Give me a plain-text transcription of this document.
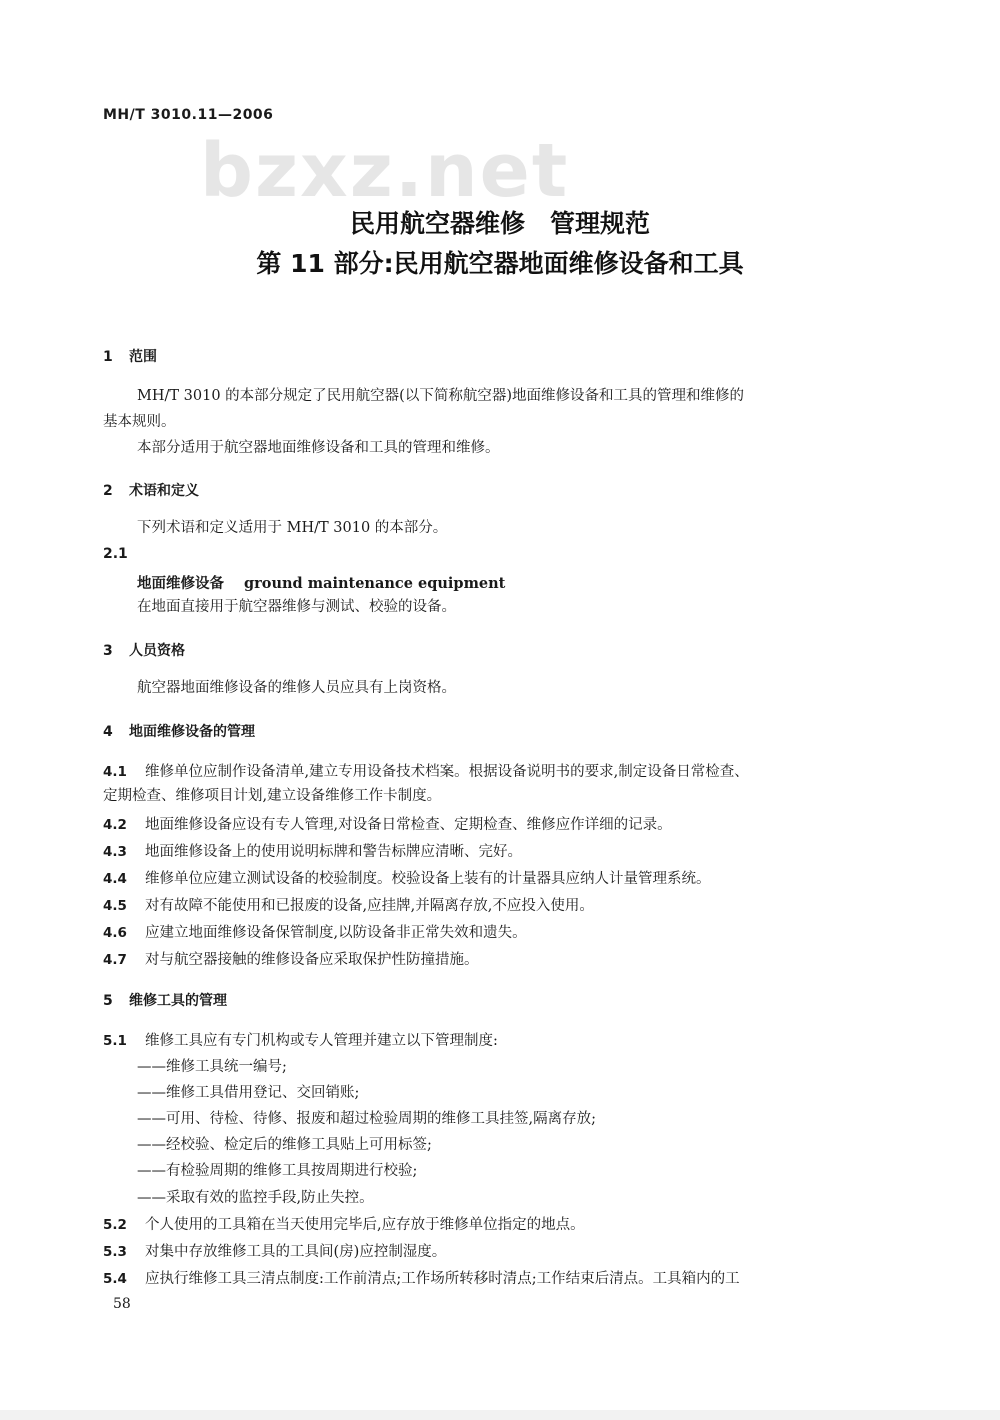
MH/T 3010.11—2006
bzxz.net
民用航空器维修　管理规范
第 11 部分:民用航空器地面维修设备和工具
1 范围
MH/T 3010 的本部分规定了民用航空器(以下简称航空器)地面维修设备和工具的管理和维修的
基本规则。
本部分适用于航空器地面维修设备和工具的管理和维修。
2 术语和定义
下列术语和定义适用于 MH/T 3010 的本部分。
2.1
地面维修设备 ground maintenance equipment
在地面直接用于航空器维修与测试、校验的设备。
3 人员资格
航空器地面维修设备的维修人员应具有上岗资格。
4 地面维修设备的管理
4.1 维修单位应制作设备清单,建立专用设备技术档案。根据设备说明书的要求,制定设备日常检查、
定期检查、维修项目计划,建立设备维修工作卡制度。
4.2 地面维修设备应设有专人管理,对设备日常检查、定期检查、维修应作详细的记录。
4.3 地面维修设备上的使用说明标牌和警告标牌应清晰、完好。
4.4 维修单位应建立测试设备的校验制度。校验设备上装有的计量器具应纳人计量管理系统。
4.5 对有故障不能使用和已报废的设备,应挂牌,并隔离存放,不应投入使用。
4.6 应建立地面维修设备保管制度,以防设备非正常失效和遗失。
4.7 对与航空器接触的维修设备应采取保护性防撞措施。
5 维修工具的管理
5.1 维修工具应有专门机构或专人管理并建立以下管理制度:
——维修工具统一编号;
——维修工具借用登记、交回销账;
——可用、待检、待修、报废和超过检验周期的维修工具挂签,隔离存放;
——经校验、检定后的维修工具贴上可用标签;
——有检验周期的维修工具按周期进行校验;
——采取有效的监控手段,防止失控。
5.2 个人使用的工具箱在当天使用完毕后,应存放于维修单位指定的地点。
5.3 对集中存放维修工具的工具间(房)应控制湿度。
5.4 应执行维修工具三清点制度:工作前清点;工作场所转移时清点;工作结束后清点。工具箱内的工
58
